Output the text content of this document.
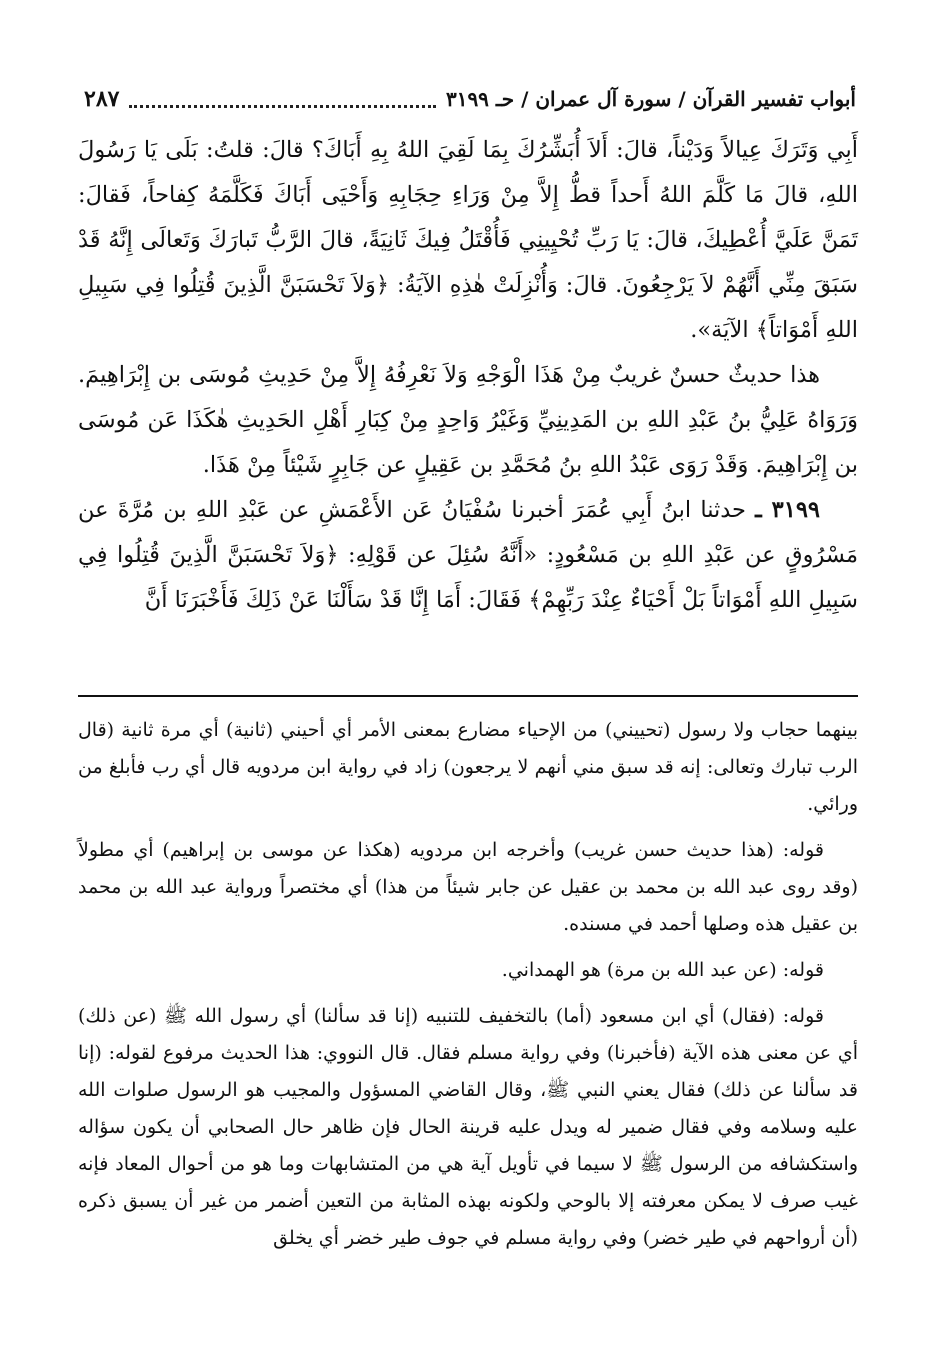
أبواب تفسير القرآن / سورة آل عمران / حـ ٣١٩٩
٢٨٧

أَبِي وَتَرَكَ عِيالاً وَدَيْناً، قالَ: أَلاَ أُبَشِّرُكَ بِمَا لَقِيَ اللهُ بِهِ أَبَاكَ؟ قالَ: قلتُ: بَلَى يَا رَسُولَ اللهِ، قالَ مَا كَلَّمَ اللهُ أَحداً قطُّ إِلاَّ مِنْ وَرَاءِ حِجَابِهِ وَأَحْيَى أَبَاكَ فَكَلَّمَهُ كِفاحاً، فَقالَ: تَمَنَّ عَلَيَّ أُعْطِيكَ، قالَ: يَا رَبِّ تُحْيِينِي فَأُقْتَلُ فِيكَ ثَانِيَةً، قالَ الرَّبُّ تَبارَكَ وَتَعالَى إِنَّهُ قَدْ سَبَقَ مِنِّي أَنَّهُمْ لاَ يَرْجِعُونَ. قالَ: وَأُنْزِلَتْ هٰذِهِ الآيَةُ: ﴿وَلاَ تَحْسَبَنَّ الَّذِينَ قُتِلُوا فِي سَبِيلِ اللهِ أَمْوَاتاً﴾ الآيَة».

هذا حديثٌ حسنٌ غريبٌ مِنْ هَذَا الْوَجْهِ وَلاَ نَعْرِفُهُ إِلاَّ مِنْ حَدِيثِ مُوسَى بن إِبْرَاهِيمَ. وَرَوَاهُ عَلِيُّ بنُ عَبْدِ اللهِ بن المَدِينِيِّ وَغَيْرُ وَاحِدٍ مِنْ كِبَارِ أَهْلِ الحَدِيثِ هٰكَذَا عَن مُوسَى بن إِبْرَاهِيمَ. وَقَدْ رَوَى عَبْدُ اللهِ بنُ مُحَمَّدِ بن عَقِيلٍ عن جَابِرٍ شَيْئاً مِنْ هَذَا.

٣١٩٩ ـ حدثنا ابنُ أَبِي عُمَرَ أخبرنا سُفْيَانُ عَن الأَعْمَشِ عن عَبْدِ اللهِ بن مُرَّةَ عن مَسْرُوقٍ عن عَبْدِ اللهِ بن مَسْعُودٍ: «أَنَّهُ سُئِلَ عن قَوْلِهِ: ﴿وَلاَ تَحْسَبَنَّ الَّذِينَ قُتِلُوا فِي سَبِيلِ اللهِ أَمْوَاتاً بَلْ أَحْيَاءٌ عِنْدَ رَبِّهِمْ﴾ فَقَالَ: أَمَا إِنَّا قَدْ سَأَلْنَا عَنْ ذَلِكَ فَأَخْبَرَنَا أَنَّ

بينهما حجاب ولا رسول (تحييني) من الإحياء مضارع بمعنى الأمر أي أحيني (ثانية) أي مرة ثانية (قال الرب تبارك وتعالى: إنه قد سبق مني أنهم لا يرجعون) زاد في رواية ابن مردويه قال أي رب فأبلغ من ورائي.

قوله: (هذا حديث حسن غريب) وأخرجه ابن مردويه (هكذا عن موسى بن إبراهيم) أي مطولاً (وقد روى عبد الله بن محمد بن عقيل عن جابر شيئاً من هذا) أي مختصراً ورواية عبد الله بن محمد بن عقيل هذه وصلها أحمد في مسنده.

قوله: (عن عبد الله بن مرة) هو الهمداني.

قوله: (فقال) أي ابن مسعود (أما) بالتخفيف للتنبيه (إنا قد سألنا) أي رسول الله ﷺ (عن ذلك) أي عن معنى هذه الآية (فأخبرنا) وفي رواية مسلم فقال. قال النووي: هذا الحديث مرفوع لقوله: (إنا قد سألنا عن ذلك) فقال يعني النبي ﷺ، وقال القاضي المسؤول والمجيب هو الرسول صلوات الله عليه وسلامه وفي فقال ضمير له ويدل عليه قرينة الحال فإن ظاهر حال الصحابي أن يكون سؤاله واستكشافه من الرسول ﷺ لا سيما في تأويل آية هي من المتشابهات وما هو من أحوال المعاد فإنه غيب صرف لا يمكن معرفته إلا بالوحي ولكونه بهذه المثابة من التعين أضمر من غير أن يسبق ذكره (أن أرواحهم في طير خضر) وفي رواية مسلم في جوف طير خضر أي يخلق
